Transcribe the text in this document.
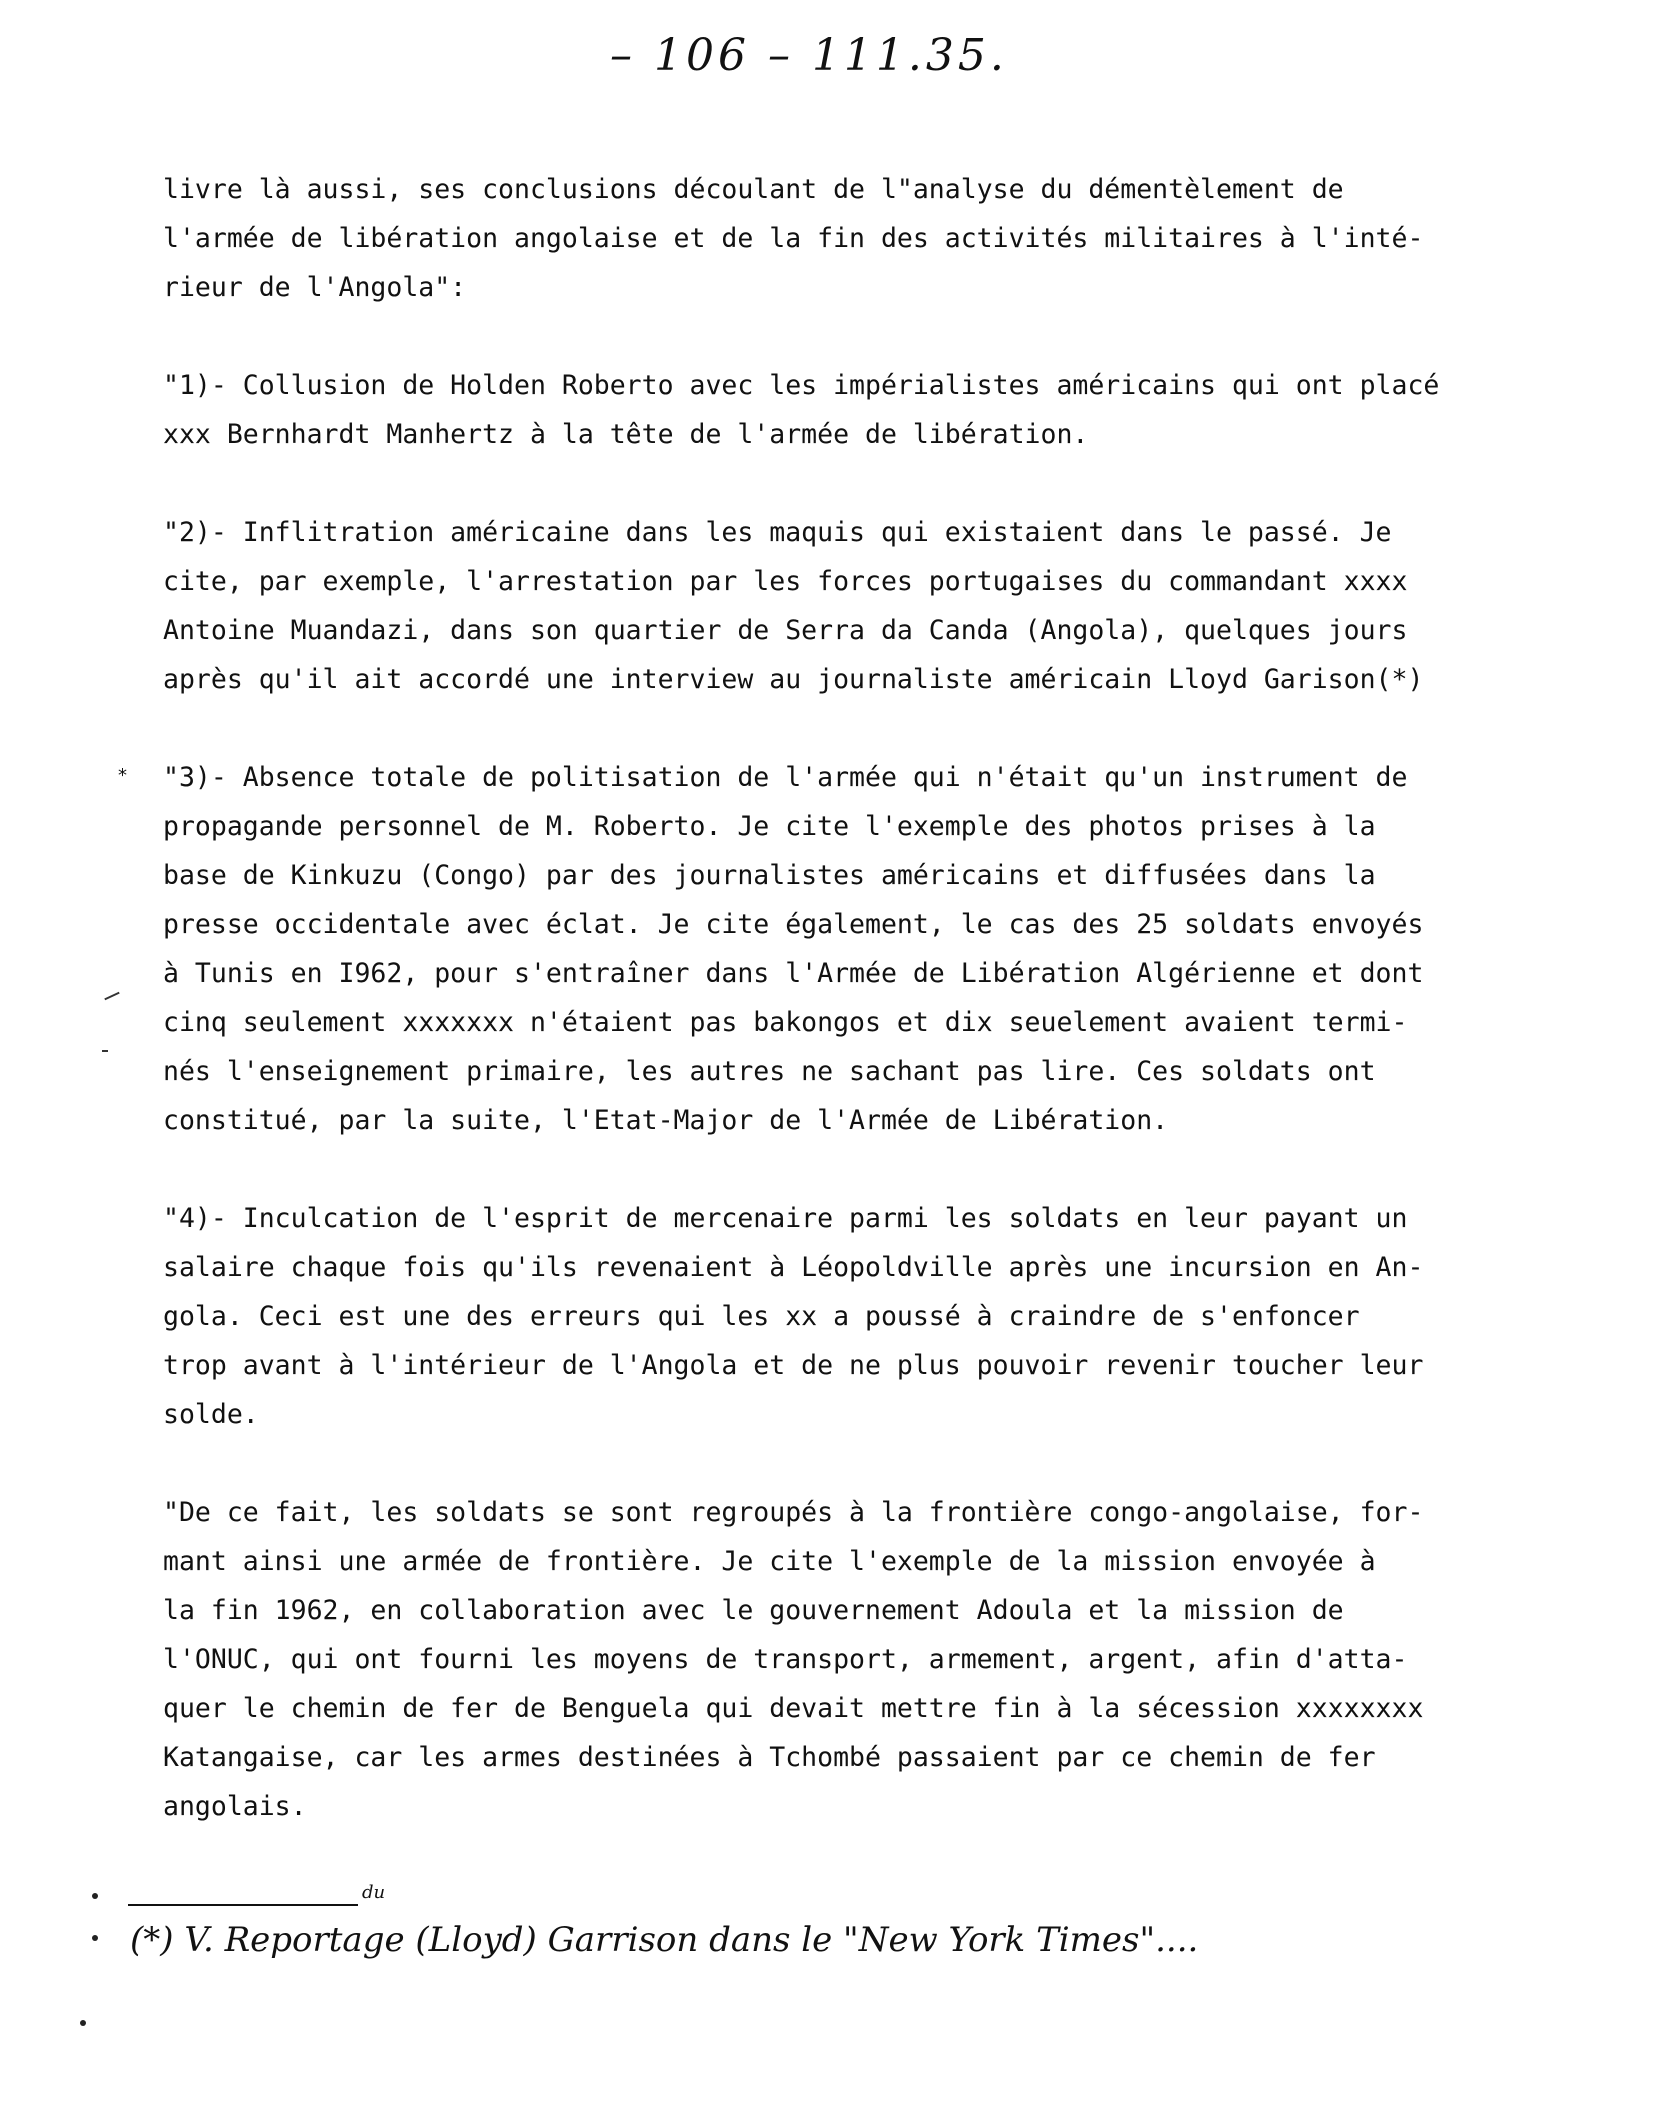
– 106 – 111.35.

livre là aussi, ses conclusions découlant de l"analyse du démentèlement de
l'armée de libération angolaise et de la fin des activités militaires à l'inté-
rieur de l'Angola":

"1)- Collusion de Holden Roberto avec les impérialistes américains qui ont placé
xxx Bernhardt Manhertz à la tête de l'armée de libération.

"2)- Inflitration américaine dans les maquis qui existaient dans le passé. Je
cite, par exemple, l'arrestation par les forces portugaises du commandant xxxx
Antoine Muandazi, dans son quartier de Serra da Canda (Angola), quelques jours
après qu'il ait accordé une interview au journaliste américain Lloyd Garison(*)

"3)- Absence totale de politisation de l'armée qui n'était qu'un instrument de
propagande personnel de M. Roberto. Je cite l'exemple des photos prises à la
base de Kinkuzu (Congo) par des journalistes américains et diffusées dans la
presse occidentale avec éclat. Je cite également, le cas des 25 soldats envoyés
à Tunis en I962, pour s'entraîner dans l'Armée de Libération Algérienne et dont
cinq seulement xxxxxxx n'étaient pas bakongos et dix seuelement avaient termi-
nés l'enseignement primaire, les autres ne sachant pas lire. Ces soldats ont
constitué, par la suite, l'Etat-Major de l'Armée de Libération.

"4)- Inculcation de l'esprit de mercenaire parmi les soldats en leur payant un
salaire chaque fois qu'ils revenaient à Léopoldville après une incursion en An-
gola. Ceci est une des erreurs qui les xx a poussé à craindre de s'enfoncer
trop avant à l'intérieur de l'Angola et de ne plus pouvoir revenir toucher leur
solde.

"De ce fait, les soldats se sont regroupés à la frontière congo-angolaise, for-
mant ainsi une armée de frontière. Je cite l'exemple de la mission envoyée à
la fin 1962, en collaboration avec le gouvernement Adoula et la mission de
l'ONUC, qui ont fourni les moyens de transport, armement, argent, afin d'atta-
quer le chemin de fer de Benguela qui devait mettre fin à la sécession xxxxxxxx
Katangaise, car les armes destinées à Tchombé passaient par ce chemin de fer
angolais.

*
du
(*) V. Reportage (Lloyd) Garrison dans le "New York Times"....
